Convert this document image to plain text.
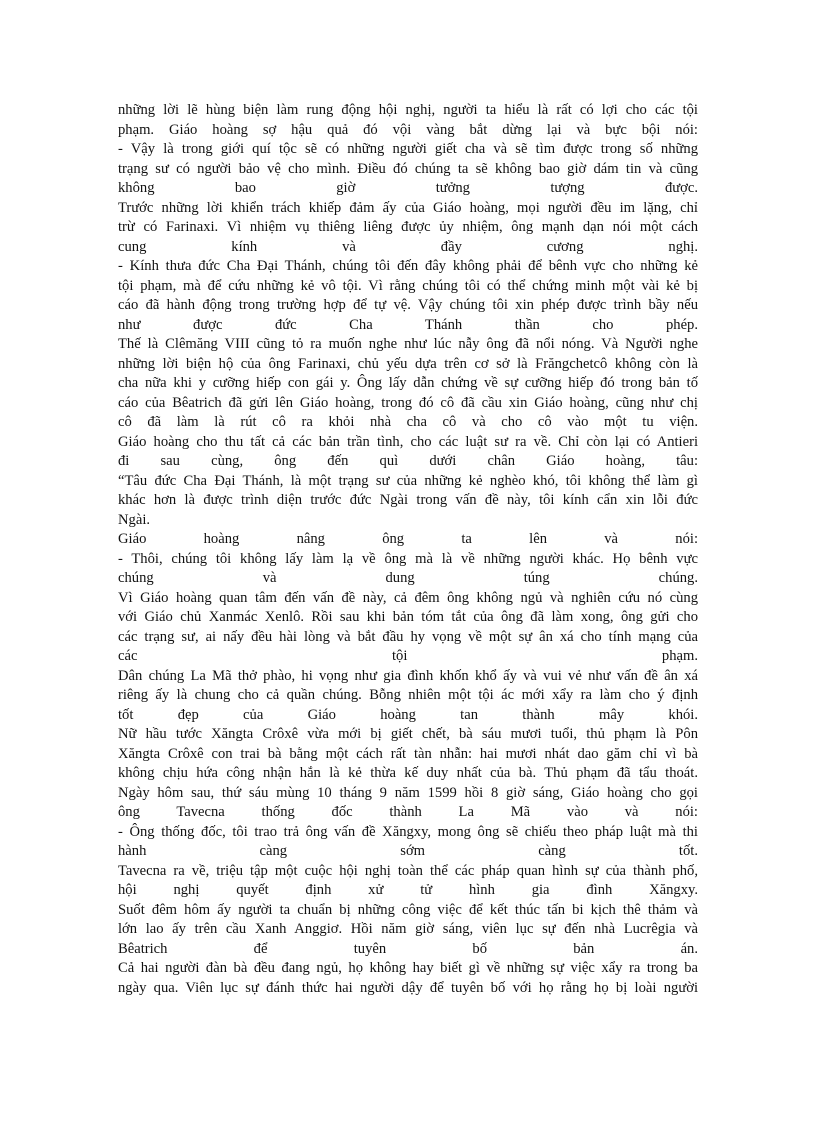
những lời lẽ hùng biện làm rung động hội nghị, người ta hiểu là rất có lợi cho các tội
phạm. Giáo hoàng sợ hậu quả đó vội vàng bắt dừng lại và bực bội nói:
- Vậy là trong giới quí tộc sẽ có những người giết cha và sẽ tìm được trong số những
trạng sư có người bảo vệ cho mình. Điều đó chúng ta sẽ không bao giờ dám tin và cũng
không bao giờ tưởng tượng được.
Trước những lời khiển trách khiếp đảm ấy của Giáo hoàng, mọi người đều im lặng, chỉ
trừ có Farinaxi. Vì nhiệm vụ thiêng liêng được ủy nhiệm, ông mạnh dạn nói một cách
cung kính và đầy cương nghị.
- Kính thưa đức Cha Đại Thánh, chúng tôi đến đây không phải để bênh vực cho những kẻ
tội phạm, mà để cứu những kẻ vô tội. Vì rằng chúng tôi có thể chứng minh một vài kẻ bị
cáo đã hành động trong trường hợp để tự vệ. Vậy chúng tôi xin phép được trình bầy nếu
như được đức Cha Thánh thần cho phép.
Thế là Clêmăng VIII cũng tỏ ra muốn nghe như lúc nẫy ông đã nổi nóng. Và Người nghe
những lời biện hộ của ông Farinaxi, chủ yếu dựa trên cơ sở là Frăngchetcô không còn là
cha nữa khi y cưỡng hiếp con gái y. Ông lấy dẫn chứng về sự cưỡng hiếp đó trong bản tố
cáo của Bêatrich đã gửi lên Giáo hoàng, trong đó cô đã cầu xin Giáo hoàng, cũng như chị
cô đã làm là rút cô ra khỏi nhà cha cô và cho cô vào một tu viện.
Giáo hoàng cho thu tất cả các bản trần tình, cho các luật sư ra về. Chỉ còn lại có Antieri
đi sau cùng, ông đến quì dưới chân Giáo hoàng, tâu:
“Tâu đức Cha Đại Thánh, là một trạng sư của những kẻ nghèo khó, tôi không thể làm gì
khác hơn là được trình diện trước đức Ngài trong vấn đề này, tôi kính cẩn xin lỗi đức
Ngài.
Giáo hoàng nâng ông ta lên và nói:
- Thôi, chúng tôi không lấy làm lạ về ông mà là về những người khác. Họ bênh vực
chúng và dung túng chúng.
Vì Giáo hoàng quan tâm đến vấn đề này, cả đêm ông không ngủ và nghiên cứu nó cùng
với Giáo chủ Xanmác Xenlô. Rồi sau khi bản tóm tắt của ông đã làm xong, ông gửi cho
các trạng sư, ai nấy đều hài lòng và bắt đầu hy vọng về một sự ân xá cho tính mạng của
các tội phạm.
Dân chúng La Mã thở phào, hi vọng như gia đình khốn khổ ấy và vui vẻ như vấn đề ân xá
riêng ấy là chung cho cả quần chúng. Bỗng nhiên một tội ác mới xẩy ra làm cho ý định
tốt đẹp của Giáo hoàng tan thành mây khói.
Nữ hầu tước Xăngta Crôxê vừa mới bị giết chết, bà sáu mươi tuổi, thủ phạm là Pôn
Xăngta Crôxê con trai bà bằng một cách rất tàn nhẫn: hai mươi nhát dao găm chỉ vì bà
không chịu hứa công nhận hắn là kẻ thừa kế duy nhất của bà. Thủ phạm đã tẩu thoát.
Ngày hôm sau, thứ sáu mùng 10 tháng 9 năm 1599 hồi 8 giờ sáng, Giáo hoàng cho gọi
ông Tavecna thống đốc thành La Mã vào và nói:
- Ông thống đốc, tôi trao trả ông vấn đề Xăngxy, mong ông sẽ chiếu theo pháp luật mà thi
hành càng sớm càng tốt.
Tavecna ra về, triệu tập một cuộc hội nghị toàn thể các pháp quan hình sự của thành phố,
hội nghị quyết định xử tử hình gia đình Xăngxy.
Suốt đêm hôm ấy người ta chuẩn bị những công việc để kết thúc tấn bi kịch thê thảm và
lớn lao ấy trên cầu Xanh Anggiơ. Hồi năm giờ sáng, viên lục sự đến nhà Lucrêgia và
Bêatrich để tuyên bố bản án.
Cả hai người đàn bà đều đang ngủ, họ không hay biết gì về những sự việc xẩy ra trong ba
ngày qua. Viên lục sự đánh thức hai người dậy để tuyên bố với họ rằng họ bị loài người
